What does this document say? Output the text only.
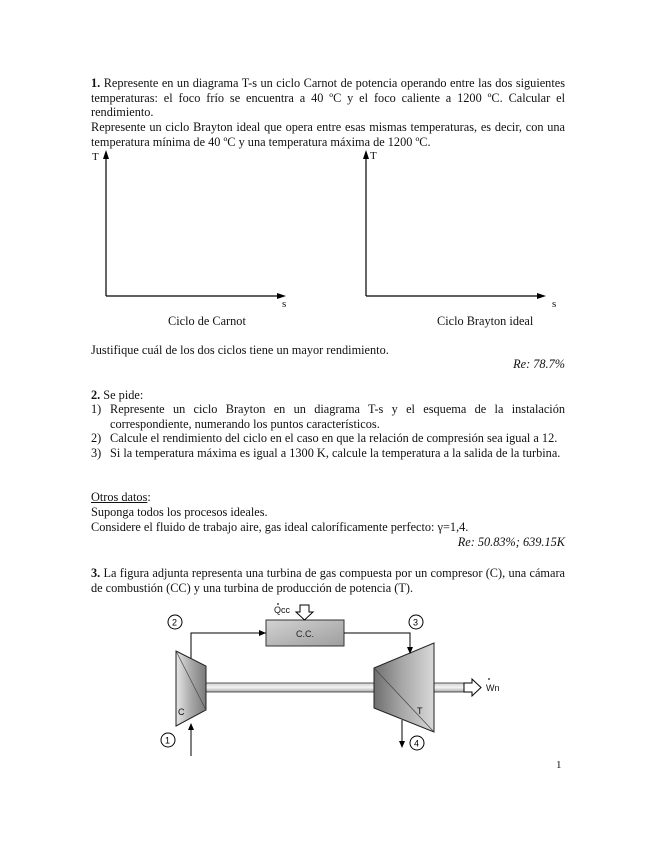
1. Represente en un diagrama T-s un ciclo Carnot de potencia operando entre las dos siguientes temperaturas: el foco frío se encuentra a 40 ºC y el foco caliente a 1200 ºC. Calcular el rendimiento.
Represente un ciclo Brayton ideal que opera entre esas mismas temperaturas, es decir, con una temperatura mínima de 40 ºC y una temperatura máxima de 1200 ºC.
T
s
Ciclo de Carnot
T
s
Ciclo Brayton ideal
Justifique cuál de los dos ciclos tiene un mayor rendimiento.
Re: 78.7%
2. Se pide:
1) Represente un ciclo Brayton en un diagrama T-s y el esquema de la instalación correspondiente, numerando los puntos característicos.
2) Calcule el rendimiento del ciclo en el caso en que la relación de compresión sea igual a 12.
3) Si la temperatura máxima es igual a 1300 K, calcule la temperatura a la salida de la turbina.
Otros datos:
Suponga todos los procesos ideales.
Considere el fluido de trabajo aire, gas ideal caloríficamente perfecto: γ=1,4.
Re: 50.83%; 639.15K
3. La figura adjunta representa una turbina de gas compuesta por un compresor (C), una cámara de combustión (CC) y una turbina de producción de potencia (T).
C	T
C.C.
Qcc
Wn
2	3
1	4
1
